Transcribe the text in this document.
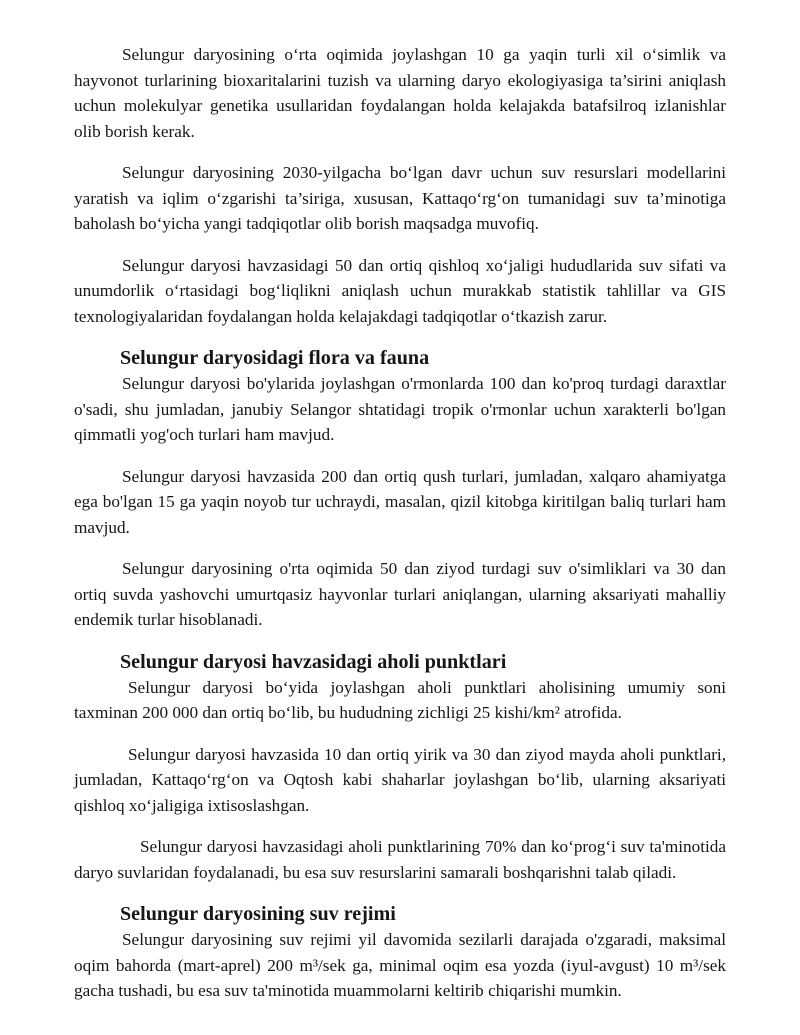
Selungur daryosining o‘rta oqimida joylashgan 10 ga yaqin turli xil o‘simlik va hayvonot turlarining bioxaritalarini tuzish va ularning daryo ekologiyasiga ta’sirini aniqlash uchun molekulyar genetika usullaridan foydalangan holda kelajakda batafsilroq izlanishlar olib borish kerak.

Selungur daryosining 2030-yilgacha bo‘lgan davr uchun suv resurslari modellarini yaratish va iqlim o‘zgarishi ta’siriga, xususan, Kattaqo‘rg‘on tumanidagi suv ta’minotiga baholash bo‘yicha yangi tadqiqotlar olib borish maqsadga muvofiq.

Selungur daryosi havzasidagi 50 dan ortiq qishloq xo‘jaligi hududlarida suv sifati va unumdorlik o‘rtasidagi bog‘liqlikni aniqlash uchun murakkab statistik tahlillar va GIS texnologiyalaridan foydalangan holda kelajakdagi tadqiqotlar o‘tkazish zarur.

Selungur daryosidagi flora va fauna

Selungur daryosi bo'ylarida joylashgan o'rmonlarda 100 dan ko'proq turdagi daraxtlar o'sadi, shu jumladan, janubiy Selangor shtatidagi tropik o'rmonlar uchun xarakterli bo'lgan qimmatli yog'och turlari ham mavjud.

Selungur daryosi havzasida 200 dan ortiq qush turlari, jumladan, xalqaro ahamiyatga ega bo'lgan 15 ga yaqin noyob tur uchraydi, masalan, qizil kitobga kiritilgan baliq turlari ham mavjud.

Selungur daryosining o'rta oqimida 50 dan ziyod turdagi suv o'simliklari va 30 dan ortiq suvda yashovchi umurtqasiz hayvonlar turlari aniqlangan, ularning aksariyati mahalliy endemik turlar hisoblanadi.

Selungur daryosi havzasidagi aholi punktlari

Selungur daryosi bo‘yida joylashgan aholi punktlari aholisining umumiy soni taxminan 200 000 dan ortiq bo‘lib, bu hududning zichligi 25 kishi/km² atrofida.

Selungur daryosi havzasida 10 dan ortiq yirik va 30 dan ziyod mayda aholi punktlari, jumladan, Kattaqo‘rg‘on va Oqtosh kabi shaharlar joylashgan bo‘lib, ularning aksariyati qishloq xo‘jaligiga ixtisoslashgan.

Selungur daryosi havzasidagi aholi punktlarining 70% dan ko‘prog‘i suv ta'minotida daryo suvlaridan foydalanadi, bu esa suv resurslarini samarali boshqarishni talab qiladi.

Selungur daryosining suv rejimi

Selungur daryosining suv rejimi yil davomida sezilarli darajada o'zgaradi, maksimal oqim bahorda (mart-aprel) 200 m³/sek ga, minimal oqim esa yozda (iyul-avgust) 10 m³/sek gacha tushadi, bu esa suv ta'minotida muammolarni keltirib chiqarishi mumkin.
